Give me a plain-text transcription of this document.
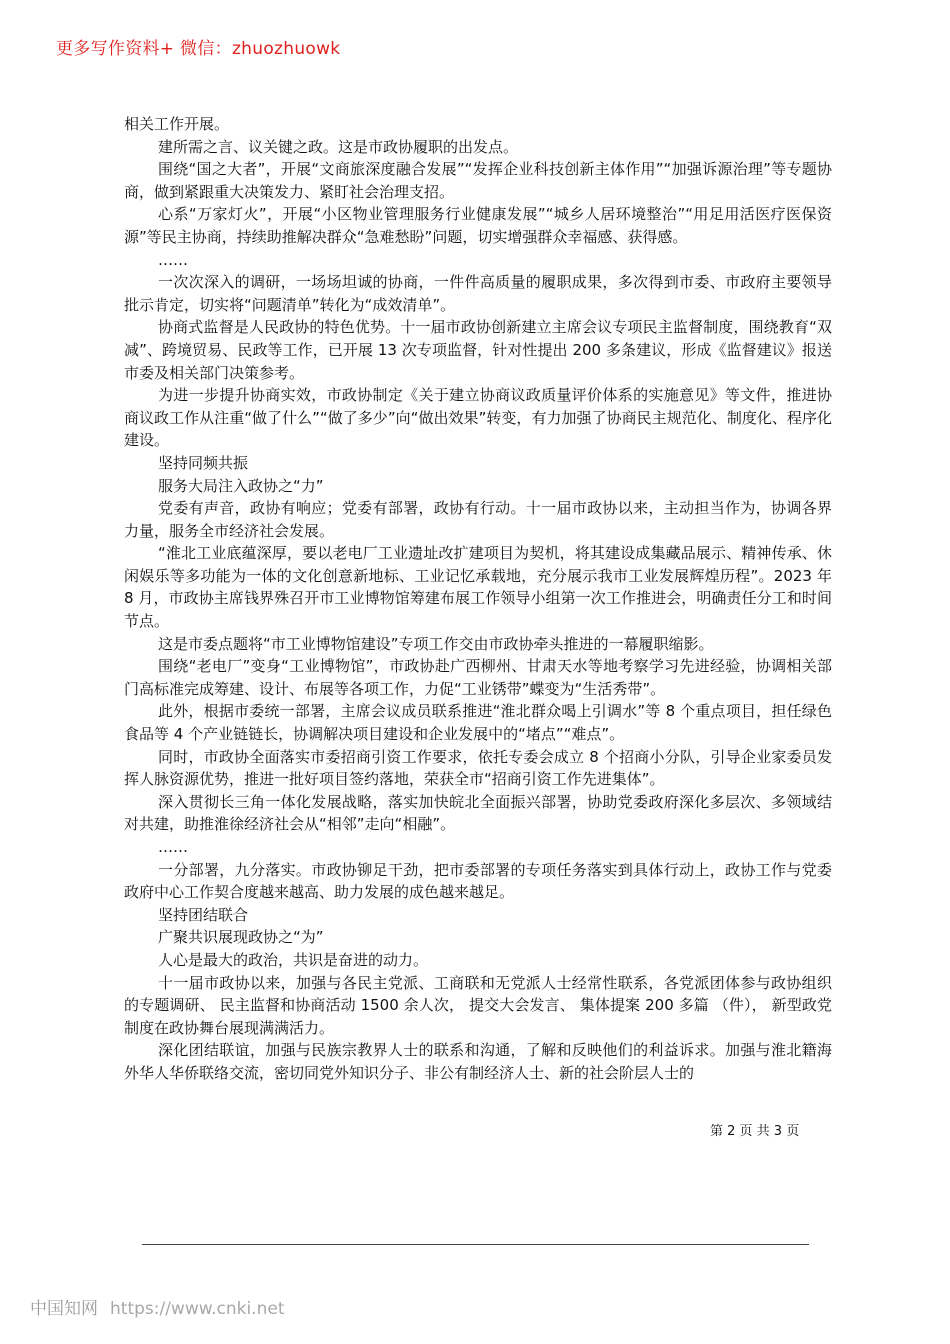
更多写作资料+ 微信：zhuozhuowk

相关工作开展。

建所需之言、议关键之政。这是市政协履职的出发点。

围绕“国之大者”，开展“文商旅深度融合发展”“发挥企业科技创新主体作用”“加强诉源治理”等专题协商，做到紧跟重大决策发力、紧盯社会治理支招。

心系“万家灯火”，开展“小区物业管理服务行业健康发展”“城乡人居环境整治”“用足用活医疗医保资源”等民主协商，持续助推解决群众“急难愁盼”问题，切实增强群众幸福感、获得感。

……

一次次深入的调研，一场场坦诚的协商，一件件高质量的履职成果，多次得到市委、市政府主要领导批示肯定，切实将“问题清单”转化为“成效清单”。

协商式监督是人民政协的特色优势。十一届市政协创新建立主席会议专项民主监督制度，围绕教育“双减”、跨境贸易、民政等工作，已开展 13 次专项监督，针对性提出 200 多条建议，形成《监督建议》报送市委及相关部门决策参考。

为进一步提升协商实效，市政协制定《关于建立协商议政质量评价体系的实施意见》等文件，推进协商议政工作从注重“做了什么”“做了多少”向“做出效果”转变，有力加强了协商民主规范化、制度化、程序化建设。

坚持同频共振

服务大局注入政协之“力”

党委有声音，政协有响应；党委有部署，政协有行动。十一届市政协以来，主动担当作为，协调各界力量，服务全市经济社会发展。

“淮北工业底蕴深厚，要以老电厂工业遗址改扩建项目为契机，将其建设成集藏品展示、精神传承、休闲娱乐等多功能为一体的文化创意新地标、工业记忆承载地，充分展示我市工业发展辉煌历程”。2023 年 8 月，市政协主席钱界殊召开市工业博物馆筹建布展工作领导小组第一次工作推进会，明确责任分工和时间节点。

这是市委点题将“市工业博物馆建设”专项工作交由市政协牵头推进的一幕履职缩影。

围绕“老电厂”变身“工业博物馆”，市政协赴广西柳州、甘肃天水等地考察学习先进经验，协调相关部门高标准完成筹建、设计、布展等各项工作，力促“工业锈带”蝶变为“生活秀带”。

此外，根据市委统一部署，主席会议成员联系推进“淮北群众喝上引调水”等 8 个重点项目，担任绿色食品等 4 个产业链链长，协调解决项目建设和企业发展中的“堵点”“难点”。

同时，市政协全面落实市委招商引资工作要求，依托专委会成立 8 个招商小分队，引导企业家委员发挥人脉资源优势，推进一批好项目签约落地，荣获全市“招商引资工作先进集体”。

深入贯彻长三角一体化发展战略，落实加快皖北全面振兴部署，协助党委政府深化多层次、多领域结对共建，助推淮徐经济社会从“相邻”走向“相融”。

……

一分部署，九分落实。市政协铆足干劲，把市委部署的专项任务落实到具体行动上，政协工作与党委政府中心工作契合度越来越高、助力发展的成色越来越足。

坚持团结联合

广聚共识展现政协之“为”

人心是最大的政治，共识是奋进的动力。

十一届市政协以来，加强与各民主党派、工商联和无党派人士经常性联系，各党派团体参与政协组织的专题调研、 民主监督和协商活动 1500 余人次， 提交大会发言、 集体提案 200 多篇 （件）， 新型政党制度在政协舞台展现满满活力。

深化团结联谊，加强与民族宗教界人士的联系和沟通，了解和反映他们的利益诉求。加强与淮北籍海外华人华侨联络交流，密切同党外知识分子、非公有制经济人士、新的社会阶层人士的

第 2 页 共 3 页
中国知网 https://www.cnki.net
